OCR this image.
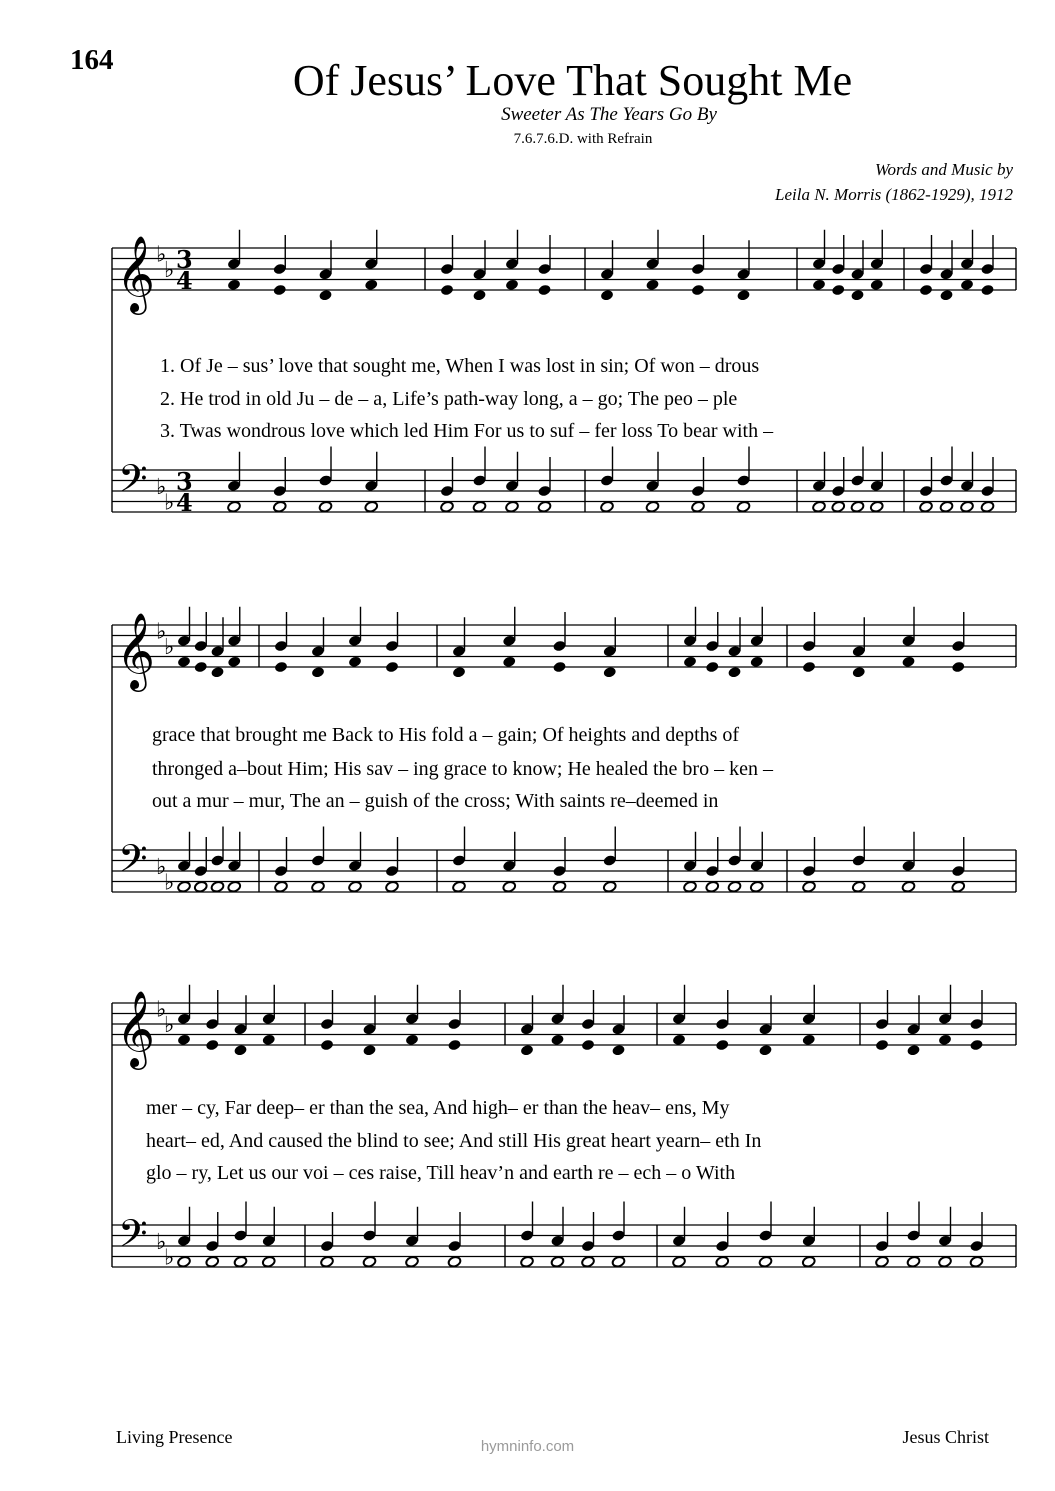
164	Of Jesus’ Love That Sought Me
Sweeter As The Years Go By
7.6.7.6.D. with Refrain
Words and Music by
Leila N. Morris (1862-1929), 1912
𝄞 ♭
♭ 3
4
𝄢 ♭
♭
3
4
𝄞 ♭
♭
𝄢 ♭
♭
𝄞 ♭
♭
𝄢 ♭
♭
1. Of Je – sus’ love that sought me, When I was lost in sin; Of won – drous
2. He trod in old Ju – de – a, Life’s path-way long, a – go; The peo – ple
3. Twas wondrous love which led Him For us to suf – fer loss To bear with –
grace that brought me Back to His fold a – gain; Of heights and depths of
thronged a–bout Him; His sav – ing grace to know; He healed the bro – ken –
out a mur – mur, The an – guish of the cross; With saints re–deemed in
mer – cy, Far deep– er than the sea, And high– er than the heav– ens, My
heart– ed, And caused the blind to see; And still His great heart yearn– eth In
glo – ry, Let us our voi – ces raise, Till heav’n and earth re – ech – o With
Living Presence	hymninfo.com	Jesus Christ
